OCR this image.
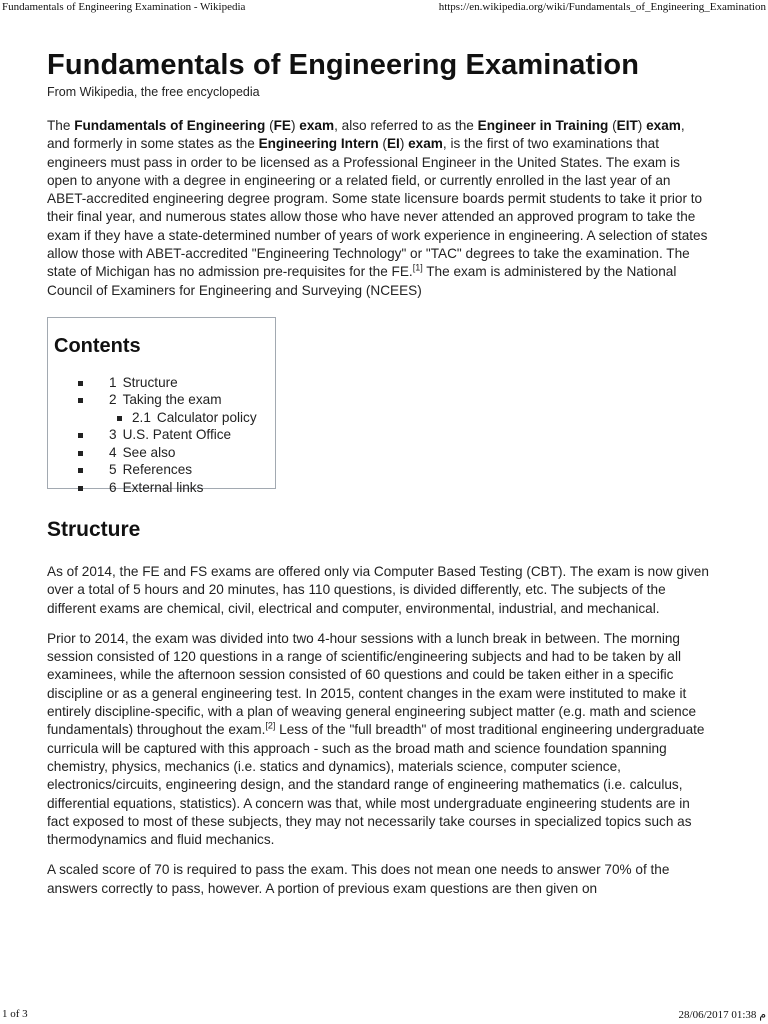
Fundamentals of Engineering Examination - Wikipedia	https://en.wikipedia.org/wiki/Fundamentals_of_Engineering_Examination
Fundamentals of Engineering Examination
From Wikipedia, the free encyclopedia

The Fundamentals of Engineering (FE) exam, also referred to as the Engineer in Training (EIT) exam, and formerly in some states as the Engineering Intern (EI) exam, is the first of two examinations that engineers must pass in order to be licensed as a Professional Engineer in the United States. The exam is open to anyone with a degree in engineering or a related field, or currently enrolled in the last year of an ABET-accredited engineering degree program. Some state licensure boards permit students to take it prior to their final year, and numerous states allow those who have never attended an approved program to take the exam if they have a state-determined number of years of work experience in engineering. A selection of states allow those with ABET-accredited "Engineering Technology" or "TAC" degrees to take the examination. The state of Michigan has no admission pre-requisites for the FE.[1] The exam is administered by the National Council of Examiners for Engineering and Surveying (NCEES)

Contents
1 Structure
2 Taking the exam
2.1 Calculator policy
3 U.S. Patent Office
4 See also
5 References
6 External links
Structure

As of 2014, the FE and FS exams are offered only via Computer Based Testing (CBT). The exam is now given over a total of 5 hours and 20 minutes, has 110 questions, is divided differently, etc. The subjects of the different exams are chemical, civil, electrical and computer, environmental, industrial, and mechanical.

Prior to 2014, the exam was divided into two 4-hour sessions with a lunch break in between. The morning session consisted of 120 questions in a range of scientific/engineering subjects and had to be taken by all examinees, while the afternoon session consisted of 60 questions and could be taken either in a specific discipline or as a general engineering test. In 2015, content changes in the exam were instituted to make it entirely discipline-specific, with a plan of weaving general engineering subject matter (e.g. math and science fundamentals) throughout the exam.[2] Less of the "full breadth" of most traditional engineering undergraduate curricula will be captured with this approach - such as the broad math and science foundation spanning chemistry, physics, mechanics (i.e. statics and dynamics), materials science, computer science, electronics/circuits, engineering design, and the standard range of engineering mathematics (i.e. calculus, differential equations, statistics). A concern was that, while most undergraduate engineering students are in fact exposed to most of these subjects, they may not necessarily take courses in specialized topics such as thermodynamics and fluid mechanics.

A scaled score of 70 is required to pass the exam. This does not mean one needs to answer 70% of the answers correctly to pass, however. A portion of previous exam questions are then given on

1 of 3	28/06/2017 01:38 م
